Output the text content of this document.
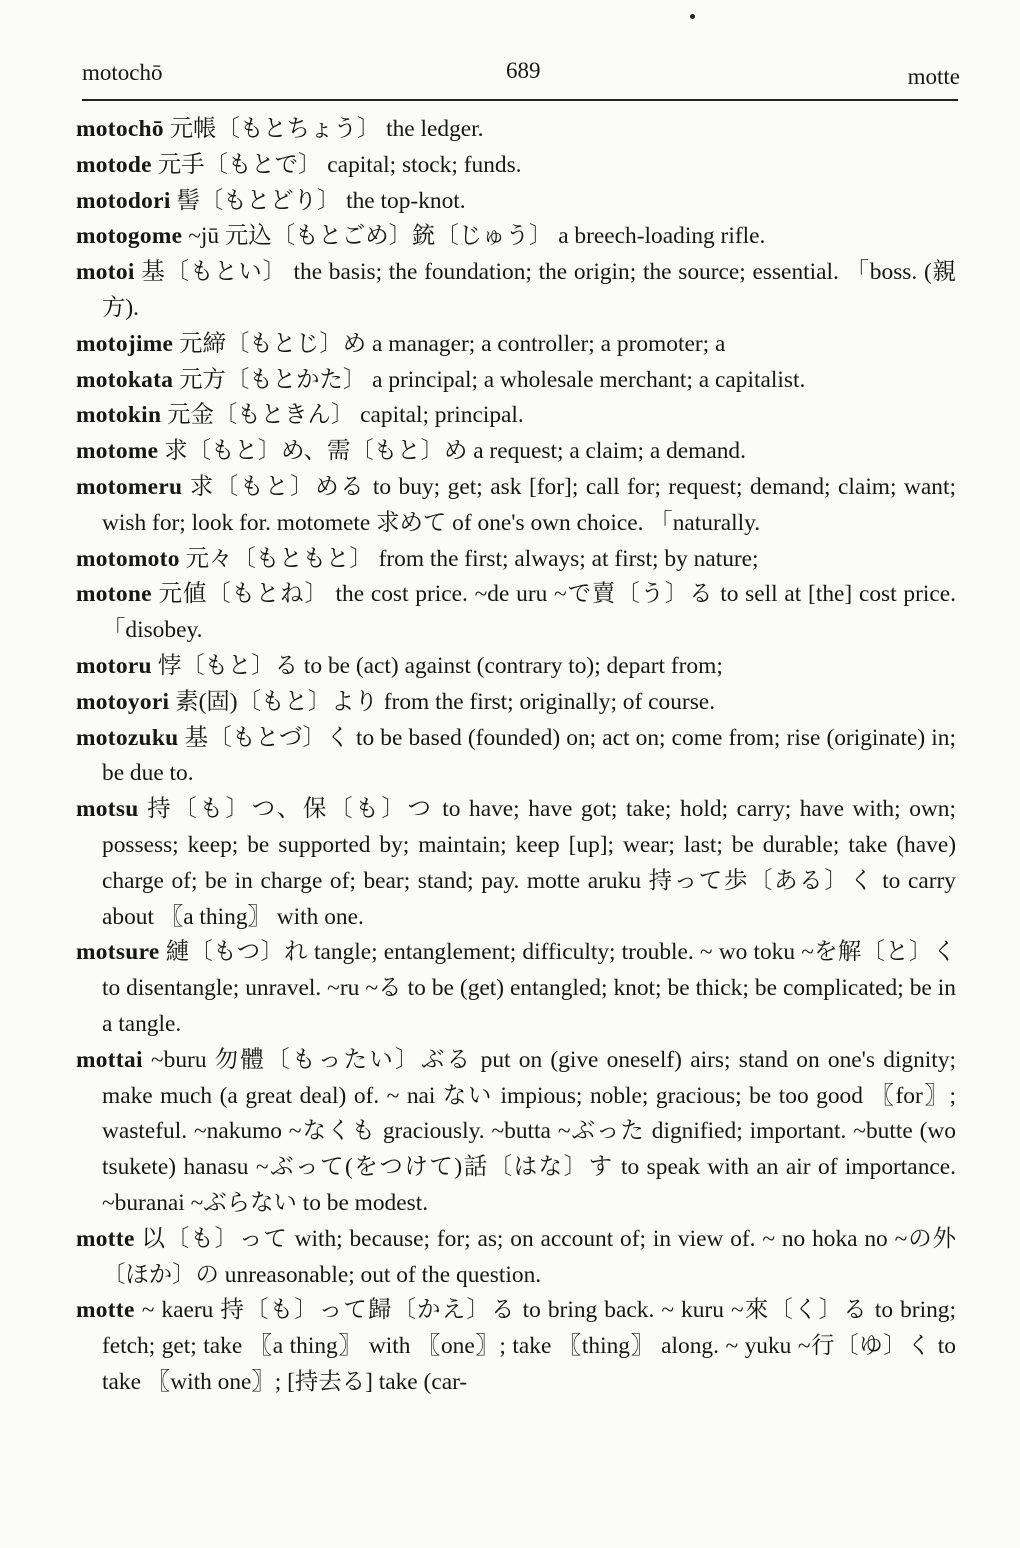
motochō	689	motte
motochō 元帳〔もとちょう〕 the ledger.
motode 元手〔もとで〕 capital; stock; funds.
motodori 髻〔もとどり〕 the top-knot.
motogome ~jū 元込〔もとごめ〕銃〔じゅう〕 a breech-loading rifle.
motoi 基〔もとい〕 the basis; the foundation; the origin; the source; essential. 「boss. (親方).
motojime 元締〔もとじ〕め a manager; a controller; a promoter; a
motokata 元方〔もとかた〕 a principal; a wholesale merchant; a capitalist.
motokin 元金〔もときん〕 capital; principal.
motome 求〔もと〕め、需〔もと〕め a request; a claim; a demand.
motomeru 求〔もと〕める to buy; get; ask [for]; call for; request; demand; claim; want; wish for; look for. motomete 求めて of one's own choice. 「naturally.
motomoto 元々〔もともと〕 from the first; always; at first; by nature;
motone 元値〔もとね〕 the cost price. ~de uru ~で賣〔う〕る to sell at [the] cost price. 「disobey.
motoru 悖〔もと〕る to be (act) against (contrary to); depart from;
motoyori 素(固)〔もと〕より from the first; originally; of course.
motozuku 基〔もとづ〕く to be based (founded) on; act on; come from; rise (originate) in; be due to.
motsu 持〔も〕つ、保〔も〕つ to have; have got; take; hold; carry; have with; own; possess; keep; be supported by; maintain; keep [up]; wear; last; be durable; take (have) charge of; be in charge of; bear; stand; pay. motte aruku 持って歩〔ある〕く to carry about 〖a thing〗 with one.
motsure 縺〔もつ〕れ tangle; entanglement; difficulty; trouble. ~ wo toku ~を解〔と〕く to disentangle; unravel. ~ru ~る to be (get) entangled; knot; be thick; be complicated; be in a tangle.
mottai ~buru 勿體〔もったい〕ぶる put on (give oneself) airs; stand on one's dignity; make much (a great deal) of. ~ nai ない impious; noble; gracious; be too good 〖for〗; wasteful. ~nakumo ~なくも graciously. ~butta ~ぶった dignified; important. ~butte (wo tsukete) hanasu ~ぶって(をつけて)話〔はな〕す to speak with an air of importance. ~buranai ~ぶらない to be modest.
motte 以〔も〕って with; because; for; as; on account of; in view of. ~ no hoka no ~の外〔ほか〕の unreasonable; out of the question.
motte ~ kaeru 持〔も〕って歸〔かえ〕る to bring back. ~ kuru ~來〔く〕る to bring; fetch; get; take 〖a thing〗 with 〖one〗; take 〖thing〗 along. ~ yuku ~行〔ゆ〕く to take 〖with one〗; [持去る] take (car-
